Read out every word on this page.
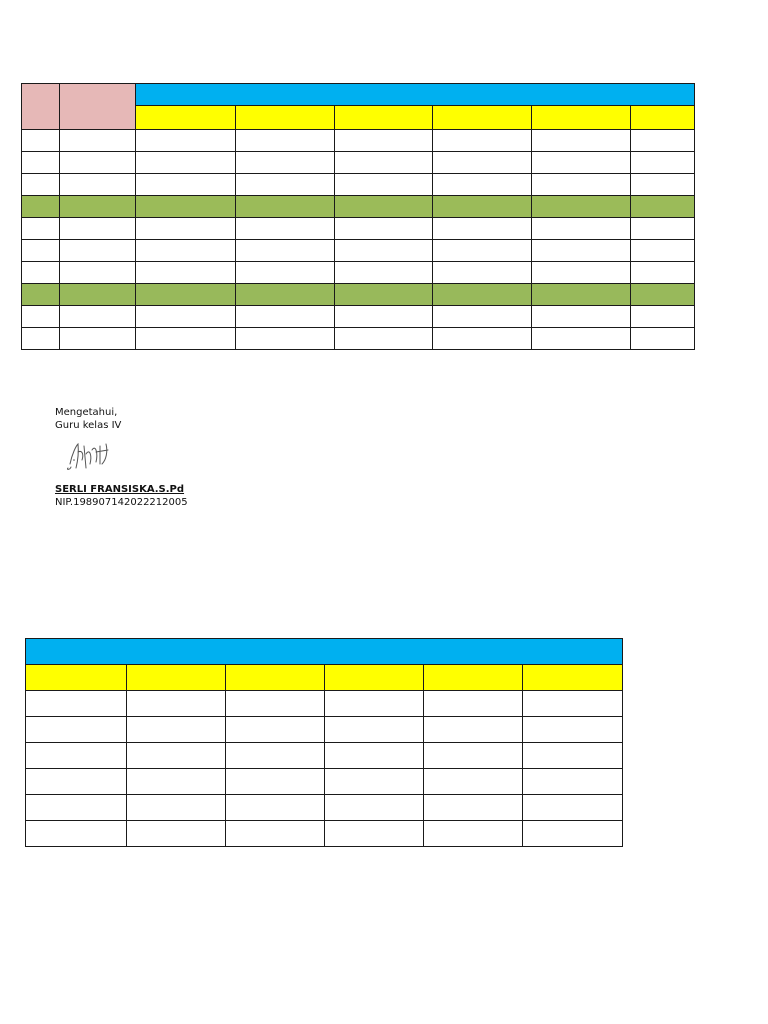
Mengetahui,
Guru kelas IV
SERLI FRANSISKA.S.Pd
NIP.198907142022212005
